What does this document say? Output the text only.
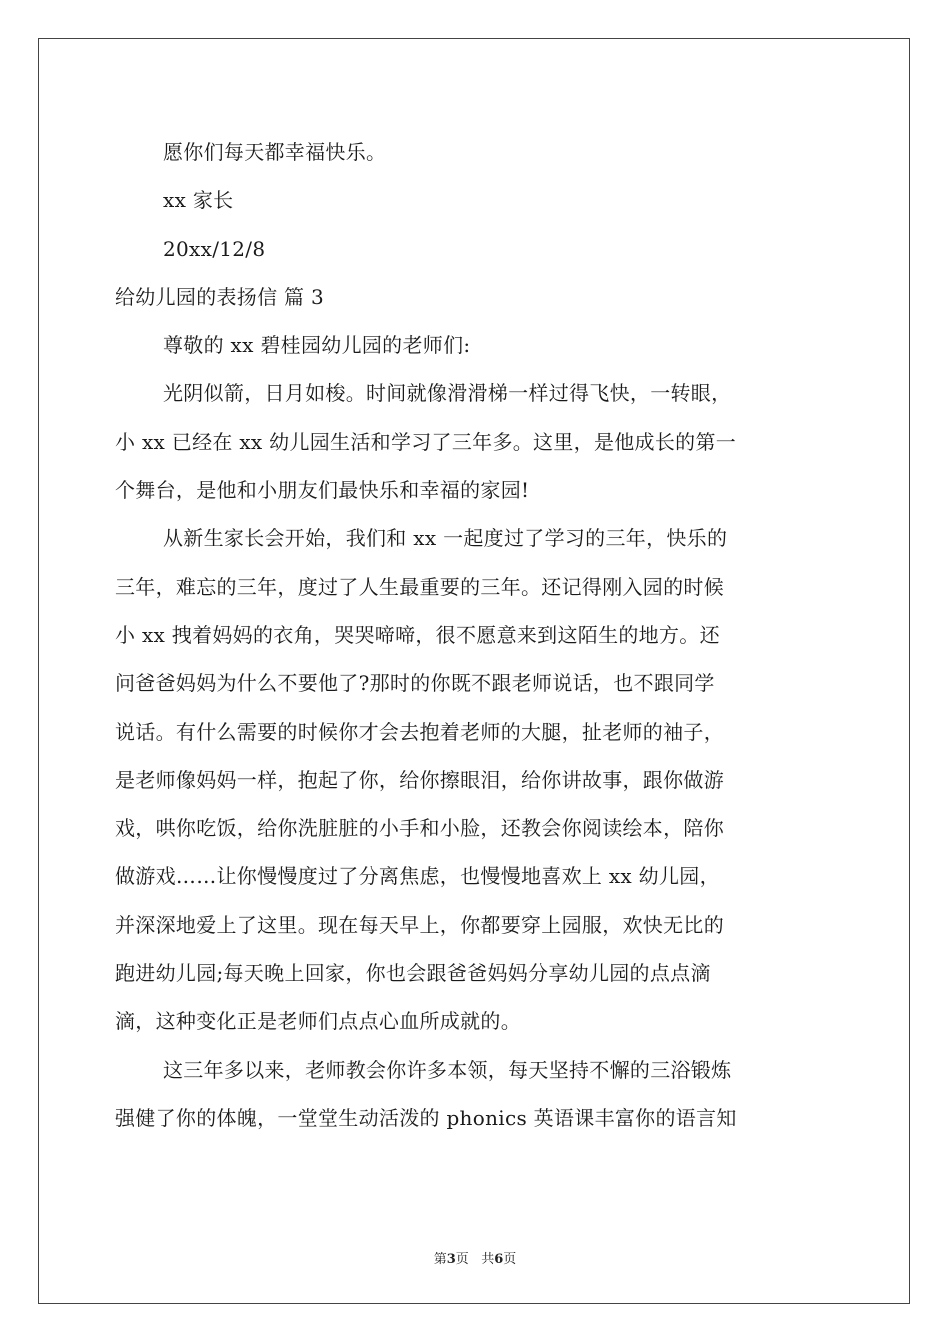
愿你们每天都幸福快乐。
xx 家长
20xx/12/8
给幼儿园的表扬信 篇 3
尊敬的 xx 碧桂园幼儿园的老师们:
光阴似箭，日月如梭。时间就像滑滑梯一样过得飞快，一转眼，
小 xx 已经在 xx 幼儿园生活和学习了三年多。这里，是他成长的第一
个舞台，是他和小朋友们最快乐和幸福的家园!
从新生家长会开始，我们和 xx 一起度过了学习的三年，快乐的
三年，难忘的三年，度过了人生最重要的三年。还记得刚入园的时候
小 xx 拽着妈妈的衣角，哭哭啼啼，很不愿意来到这陌生的地方。还
问爸爸妈妈为什么不要他了?那时的你既不跟老师说话，也不跟同学
说话。有什么需要的时候你才会去抱着老师的大腿，扯老师的袖子，
是老师像妈妈一样，抱起了你，给你擦眼泪，给你讲故事，跟你做游
戏，哄你吃饭，给你洗脏脏的小手和小脸，还教会你阅读绘本，陪你
做游戏……让你慢慢度过了分离焦虑，也慢慢地喜欢上 xx 幼儿园，
并深深地爱上了这里。现在每天早上，你都要穿上园服，欢快无比的
跑进幼儿园;每天晚上回家，你也会跟爸爸妈妈分享幼儿园的点点滴
滴，这种变化正是老师们点点心血所成就的。
这三年多以来，老师教会你许多本领，每天坚持不懈的三浴锻炼
强健了你的体魄，一堂堂生动活泼的 phonics 英语课丰富你的语言知
第3页 共6页
